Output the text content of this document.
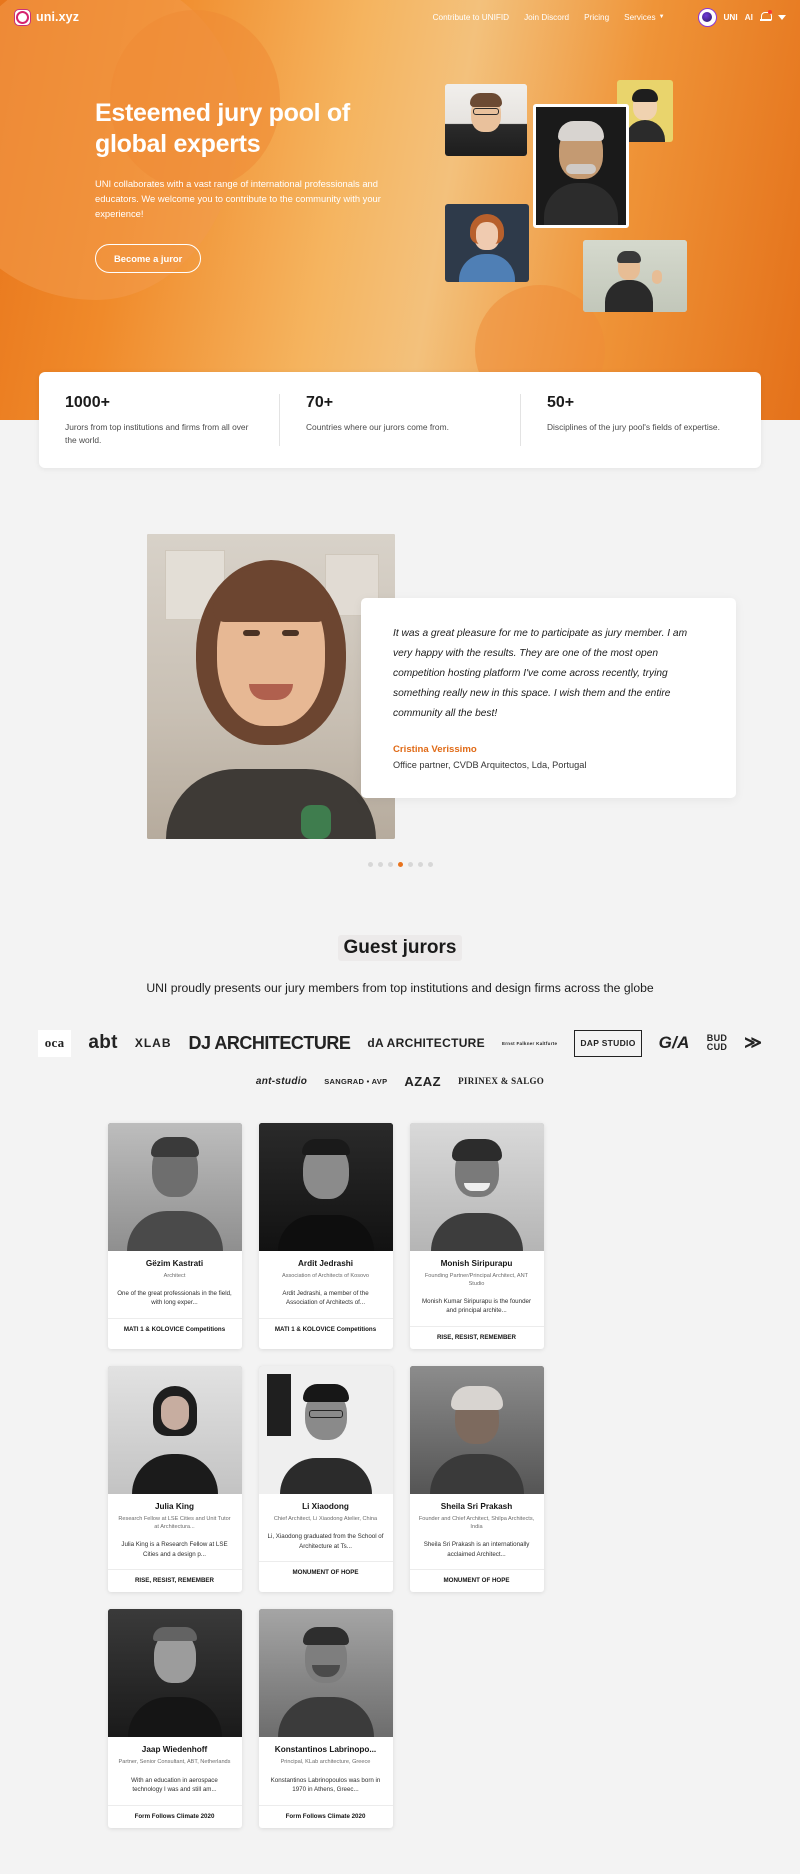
uni.xyz	Contribute to UNIFID Join Discord Pricing Services ▼	UNI AI
Esteemed jury pool of global experts

UNI collaborates with a vast range of international professionals and educators. We welcome you to contribute to the community with your experience!

Become a juror
1000+
Jurors from top institutions and firms from all over the world.
70+
Countries where our jurors come from.
50+
Disciplines of the jury pool's fields of expertise.

It was a great pleasure for me to participate as jury member. I am very happy with the results. They are one of the most open competition hosting platform I've come across recently, trying something really new in this space. I wish them and the entire community all the best!

Cristina Verissimo
Office partner, CVDB Arquitectos, Lda, Portugal
Guest jurors

UNI proudly presents our jury members from top institutions and design firms across the globe

oca	abt XLAB DJ ARCHITECTURE dA ARCHITECTURE	Ernst Falkner Kaltfurte	DAP STUDIO	G/A BUD CUD ≫
ant-studio SANGRAD • AVP AZAZ PIRINEX & SALGO
Gëzim Kastrati
Architect
One of the great professionals in the field, with long exper...
MATI 1 & KOLOVICE Competitions
Ardit Jedrashi
Association of Architects of Kosovo
Ardit Jedrashi, a member of the Association of Architects of...
MATI 1 & KOLOVICE Competitions
Monish Siripurapu
Founding Partner/Principal Architect, ANT Studio
Monish Kumar Siripurapu is the founder and principal archite...
RISE, RESIST, REMEMBER
Julia King
Research Fellow at LSE Cities and Unit Tutor at Architectura...
Julia King is a Research Fellow at LSE Cities and a design p...
RISE, RESIST, REMEMBER
Li Xiaodong
Chief Architect, Li Xiaodong Atelier, China
Li, Xiaodong graduated from the School of Architecture at Ts...
MONUMENT OF HOPE
Sheila Sri Prakash
Founder and Chief Architect, Shilpa Architects, India
Sheila Sri Prakash is an internationally acclaimed Architect...
MONUMENT OF HOPE
Jaap Wiedenhoff
Partner, Senior Consultant, ABT, Netherlands
With an education in aerospace technology I was and still am...
Form Follows Climate 2020
Konstantinos Labrinopo...
Principal, KLab architecture, Greece
Konstantinos Labrinopoulos was born in 1970 in Athens, Greec...
Form Follows Climate 2020
